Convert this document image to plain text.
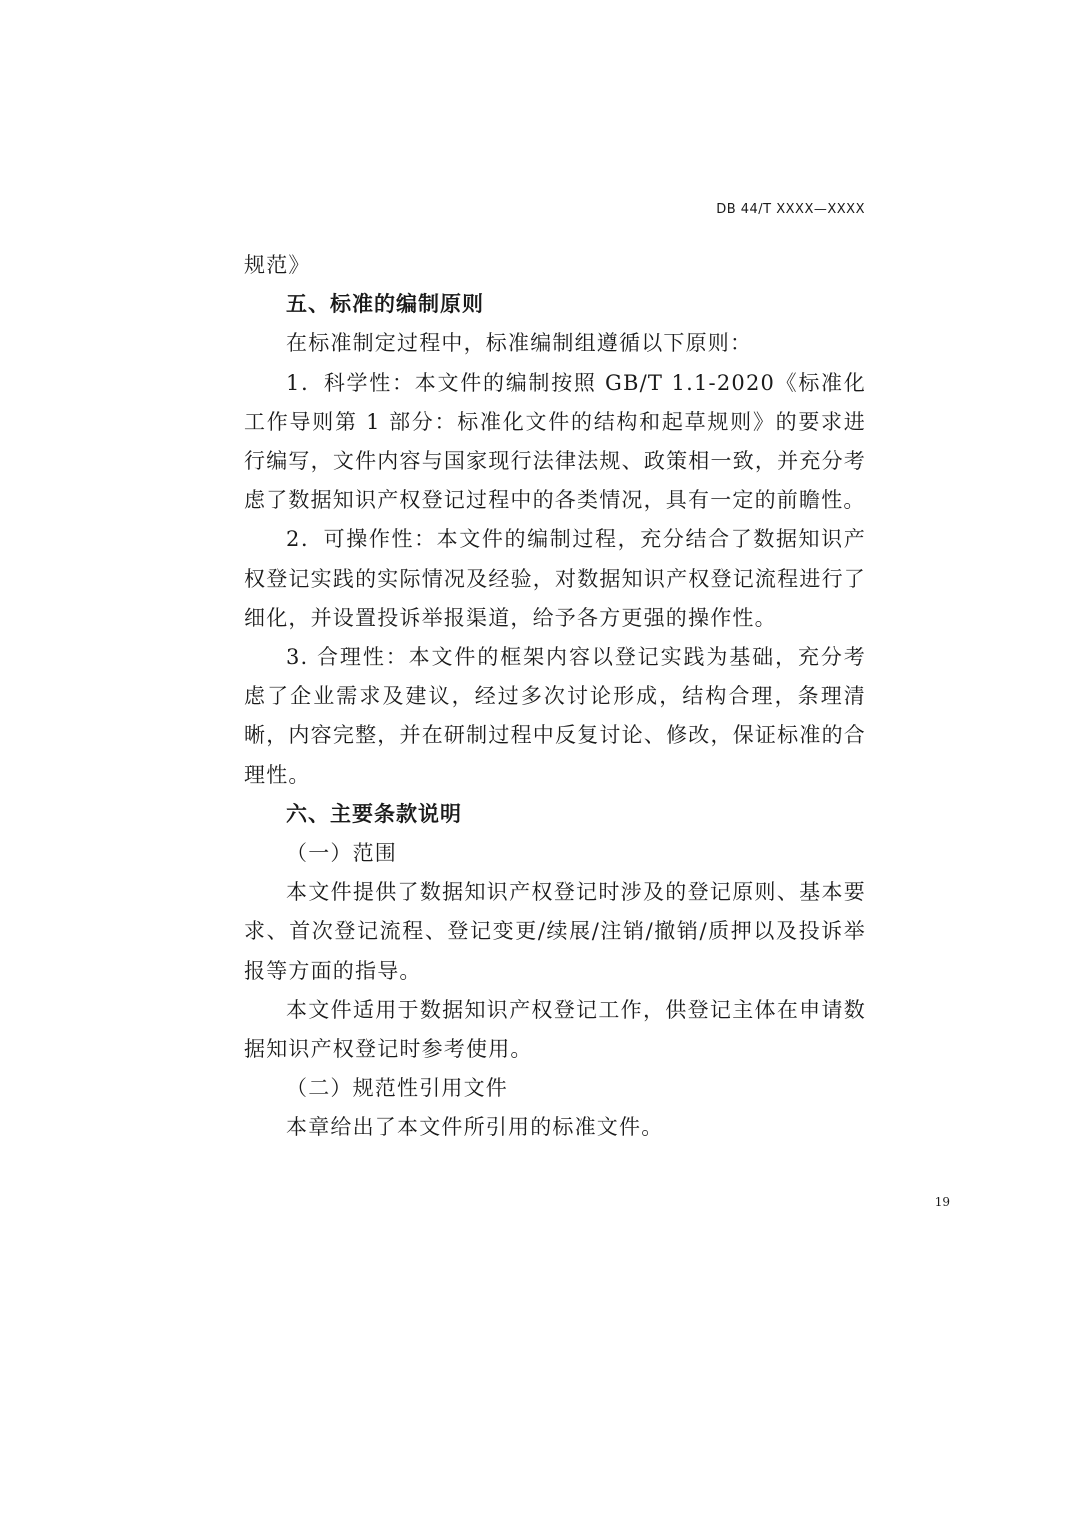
DB 44/T XXXX—XXXX

规范》

五、标准的编制原则

在标准制定过程中，标准编制组遵循以下原则：

1．科学性：本文件的编制按照 GB/T 1.1-2020《标准化工作导则第 1 部分：标准化文件的结构和起草规则》的要求进行编写，文件内容与国家现行法律法规、政策相一致，并充分考虑了数据知识产权登记过程中的各类情况，具有一定的前瞻性。

2．可操作性：本文件的编制过程，充分结合了数据知识产权登记实践的实际情况及经验，对数据知识产权登记流程进行了细化，并设置投诉举报渠道，给予各方更强的操作性。

3. 合理性：本文件的框架内容以登记实践为基础，充分考虑了企业需求及建议，经过多次讨论形成，结构合理，条理清晰，内容完整，并在研制过程中反复讨论、修改，保证标准的合理性。

六、主要条款说明

（一）范围

本文件提供了数据知识产权登记时涉及的登记原则、基本要求、首次登记流程、登记变更/续展/注销/撤销/质押以及投诉举报等方面的指导。

本文件适用于数据知识产权登记工作，供登记主体在申请数据知识产权登记时参考使用。

（二）规范性引用文件

本章给出了本文件所引用的标准文件。

19
